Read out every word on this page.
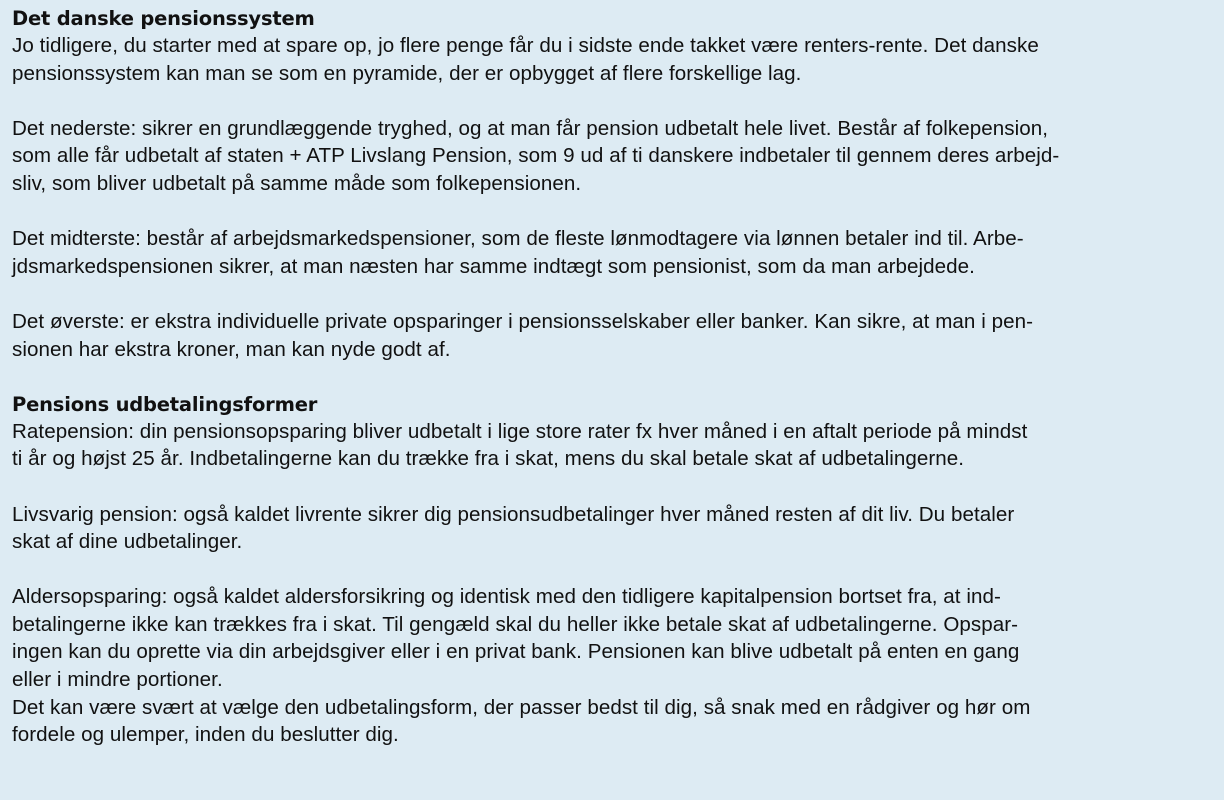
Det danske pensionssystem
Jo tidligere, du starter med at spare op, jo flere penge får du i sidste ende takket være renters-rente. Det danske
pensionssystem kan man se som en pyramide, der er opbygget af flere forskellige lag.
Det nederste: sikrer en grundlæggende tryghed, og at man får pension udbetalt hele livet. Består af folkepension,
som alle får udbetalt af staten + ATP Livslang Pension, som 9 ud af ti danskere indbetaler til gennem deres arbejd-
sliv, som bliver udbetalt på samme måde som folkepensionen.
Det midterste: består af arbejdsmarkedspensioner, som de fleste lønmodtagere via lønnen betaler ind til. Arbe-
jdsmarkedspensionen sikrer, at man næsten har samme indtægt som pensionist, som da man arbejdede.
Det øverste: er ekstra individuelle private opsparinger i pensionsselskaber eller banker. Kan sikre, at man i pen-
sionen har ekstra kroner, man kan nyde godt af.
Pensions udbetalingsformer
Ratepension: din pensionsopsparing bliver udbetalt i lige store rater fx hver måned i en aftalt periode på mindst
ti år og højst 25 år. Indbetalingerne kan du trække fra i skat, mens du skal betale skat af udbetalingerne.
Livsvarig pension: også kaldet livrente sikrer dig pensionsudbetalinger hver måned resten af dit liv. Du betaler
skat af dine udbetalinger.
Aldersopsparing: også kaldet aldersforsikring og identisk med den tidligere kapitalpension bortset fra, at ind-
betalingerne ikke kan trækkes fra i skat. Til gengæld skal du heller ikke betale skat af udbetalingerne. Opspar-
ingen kan du oprette via din arbejdsgiver eller i en privat bank. Pensionen kan blive udbetalt på enten en gang
eller i mindre portioner.
Det kan være svært at vælge den udbetalingsform, der passer bedst til dig, så snak med en rådgiver og hør om
fordele og ulemper, inden du beslutter dig.
